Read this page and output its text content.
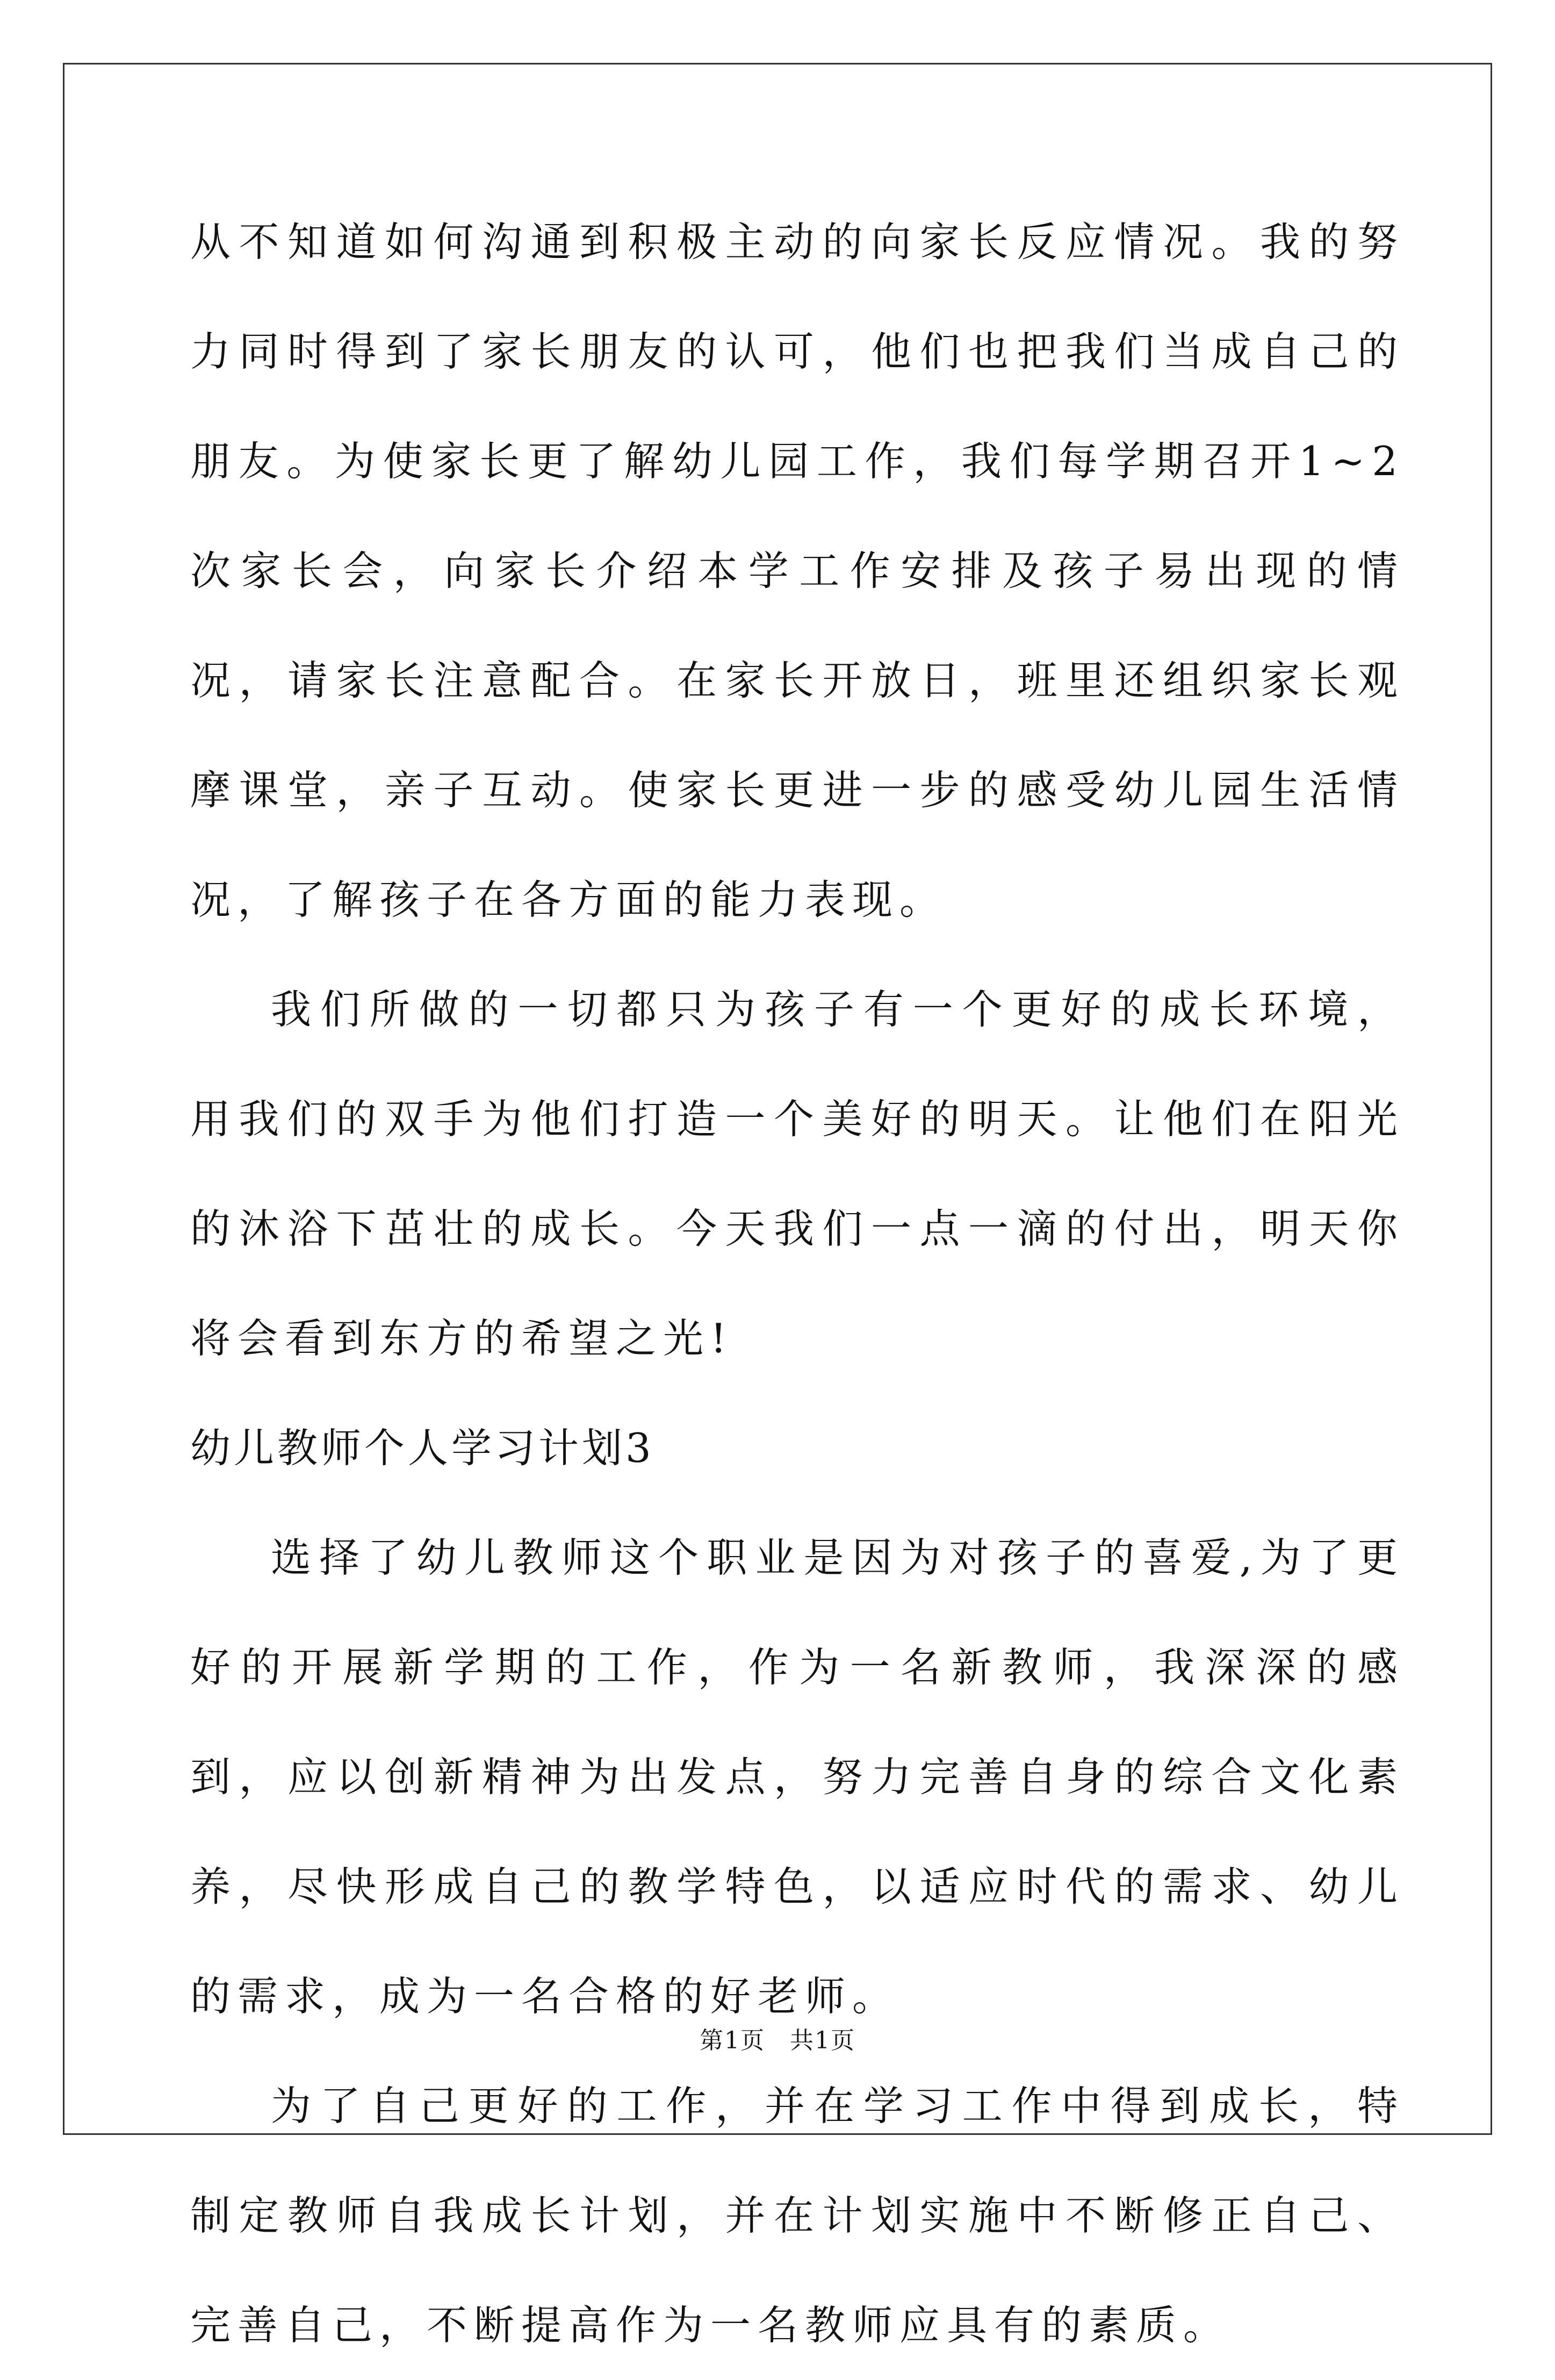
从不知道如何沟通到积极主动的向家长反应情况。我的努力同时得到了家长朋友的认可，他们也把我们当成自己的朋友。为使家长更了解幼儿园工作，我们每学期召开1~2次家长会，向家长介绍本学工作安排及孩子易出现的情况，请家长注意配合。在家长开放日，班里还组织家长观摩课堂，亲子互动。使家长更进一步的感受幼儿园生活情况，了解孩子在各方面的能力表现。

我们所做的一切都只为孩子有一个更好的成长环境，用我们的双手为他们打造一个美好的明天。让他们在阳光的沐浴下茁壮的成长。今天我们一点一滴的付出，明天你将会看到东方的希望之光!

幼儿教师个人学习计划3

选择了幼儿教师这个职业是因为对孩子的喜爱,为了更好的开展新学期的工作，作为一名新教师，我深深的感到，应以创新精神为出发点，努力完善自身的综合文化素养，尽快形成自己的教学特色，以适应时代的需求、幼儿的需求，成为一名合格的好老师。

为了自己更好的工作，并在学习工作中得到成长，特制定教师自我成长计划，并在计划实施中不断修正自己、完善自己，不断提高作为一名教师应具有的素质。

第1页　共1页
